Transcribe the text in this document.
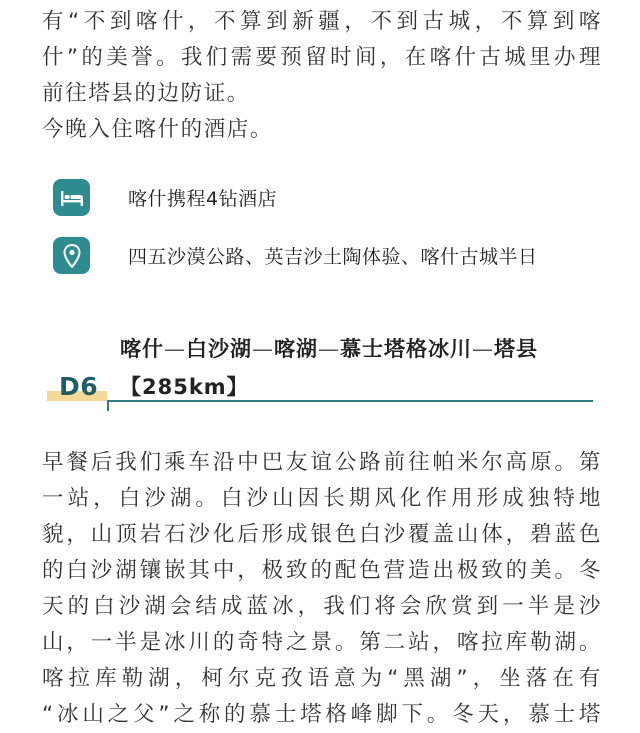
有“不到喀什，不算到新疆，不到古城，不算到喀
什”的美誉。我们需要预留时间，在喀什古城里办理
前往塔县的边防证。
今晚入住喀什的酒店。
喀什携程4钻酒店
四五沙漠公路、英吉沙土陶体验、喀什古城半日
D6
喀什—白沙湖—喀湖—慕士塔格冰川—塔县
【285km】
早餐后我们乘车沿中巴友谊公路前往帕米尔高原。第
一站，白沙湖。白沙山因长期风化作用形成独特地
貌，山顶岩石沙化后形成银色白沙覆盖山体，碧蓝色
的白沙湖镶嵌其中，极致的配色营造出极致的美。冬
天的白沙湖会结成蓝冰，我们将会欣赏到一半是沙
山，一半是冰川的奇特之景。第二站，喀拉库勒湖。
喀拉库勒湖，柯尔克孜语意为“黑湖”，坐落在有
“冰山之父”之称的慕士塔格峰脚下。冬天，慕士塔
